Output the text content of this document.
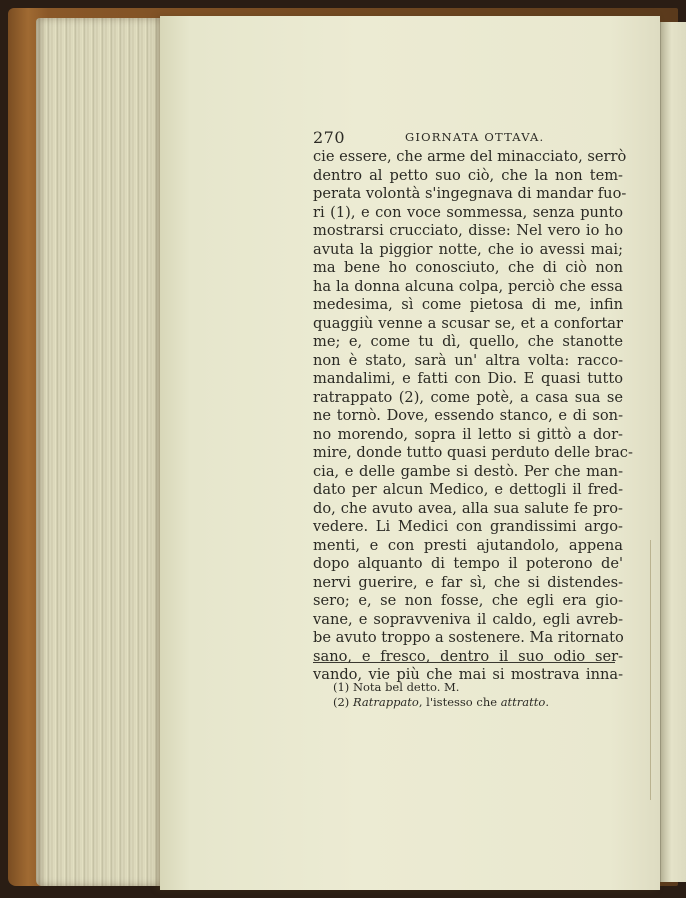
270	GIORNATA OTTAVA.
cie essere, che arme del minacciato, serrò
dentro al petto suo ciò, che la non tem-
perata volontà s'ingegnava di mandar fuo-
ri (1), e con voce sommessa, senza punto
mostrarsi crucciato, disse: Nel vero io ho
avuta la piggior notte, che io avessi mai;
ma bene ho conosciuto, che di ciò non
ha la donna alcuna colpa, perciò che essa
medesima, sì come pietosa di me, infin
quaggiù venne a scusar se, et a confortar
me; e, come tu dì, quello, che stanotte
non è stato, sarà un' altra volta: racco-
mandalimi, e fatti con Dio. E quasi tutto
ratrappato (2), come potè, a casa sua se
ne tornò. Dove, essendo stanco, e di son-
no morendo, sopra il letto si gittò a dor-
mire, donde tutto quasi perduto delle brac-
cia, e delle gambe si destò. Per che man-
dato per alcun Medico, e dettogli il fred-
do, che avuto avea, alla sua salute fe pro-
vedere. Li Medici con grandissimi argo-
menti, e con presti ajutandolo, appena
dopo alquanto di tempo il poterono de'
nervi guerire, e far sì, che si distendes-
sero; e, se non fosse, che egli era gio-
vane, e sopravveniva il caldo, egli avreb-
be avuto troppo a sostenere. Ma ritornato
sano, e fresco, dentro il suo odio ser-
vando, vie più che mai si mostrava inna-
(1) Nota bel detto. M.
(2) Ratrappato, l'istesso che attratto.
